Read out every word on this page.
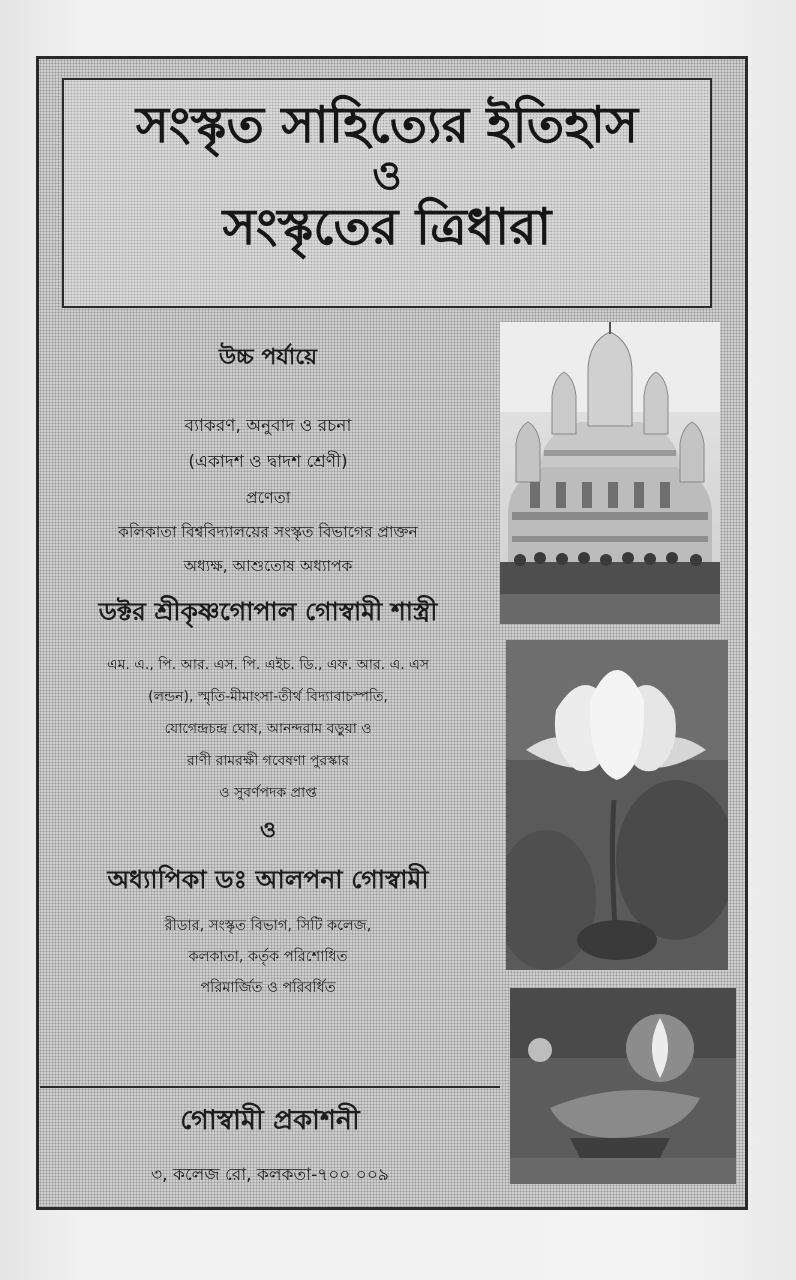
সংস্কৃত সাহিত্যের ইতিহাস
ও
সংস্কৃতের ত্রিধারা
উচ্চ পর্যায়ে
ব্যাকরণ, অনুবাদ ও রচনা
(একাদশ ও দ্বাদশ শ্রেণী)
প্রণেতা
কলিকাতা বিশ্ববিদ্যালয়ের সংস্কৃত বিভাগের প্রাক্তন
অধ্যক্ষ, আশুতোষ অধ্যাপক
ডক্টর শ্রীকৃষ্ণগোপাল গোস্বামী শাস্ত্রী
এম. এ., পি. আর. এস. পি. এইচ. ডি., এফ. আর. এ. এস
(লন্ডন), স্মৃতি-মীমাংসা-তীর্থ বিদ্যাবাচস্পতি,
যোগেন্দ্রচন্দ্র ঘোষ, আনন্দরাম বড়ুয়া ও
রাণী রামরক্ষী গবেষণা পুরস্কার
ও সুবর্ণপদক প্রাপ্ত
ও
অধ্যাপিকা ডঃ আলপনা গোস্বামী
রীডার, সংস্কৃত বিভাগ, সিটি কলেজ,
কলকাতা, কর্তৃক পরিশোধিত
পরিমার্জিত ও পরিবর্ধিত
গোস্বামী প্রকাশনী
৩, কলেজ রো, কলকতা-৭০০ ০০৯
